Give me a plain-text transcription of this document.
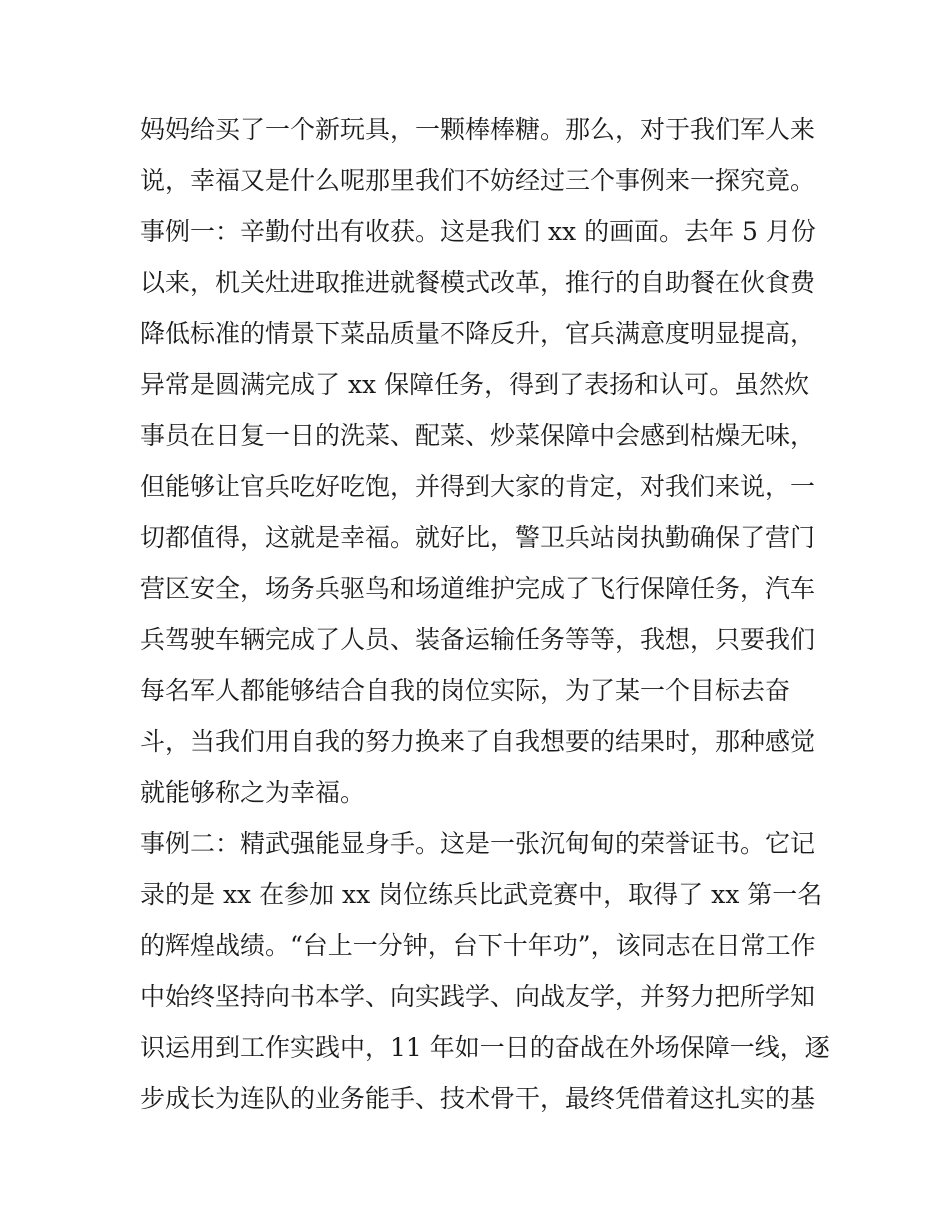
妈妈给买了一个新玩具，一颗棒棒糖。那么，对于我们军人来
说，幸福又是什么呢那里我们不妨经过三个事例来一探究竟。
事例一：辛勤付出有收获。这是我们 xx 的画面。去年 5 月份
以来，机关灶进取推进就餐模式改革，推行的自助餐在伙食费
降低标准的情景下菜品质量不降反升，官兵满意度明显提高，
异常是圆满完成了 xx 保障任务，得到了表扬和认可。虽然炊
事员在日复一日的洗菜、配菜、炒菜保障中会感到枯燥无味，
但能够让官兵吃好吃饱，并得到大家的肯定，对我们来说，一
切都值得，这就是幸福。就好比，警卫兵站岗执勤确保了营门
营区安全，场务兵驱鸟和场道维护完成了飞行保障任务，汽车
兵驾驶车辆完成了人员、装备运输任务等等，我想，只要我们
每名军人都能够结合自我的岗位实际，为了某一个目标去奋
斗，当我们用自我的努力换来了自我想要的结果时，那种感觉
就能够称之为幸福。
事例二：精武强能显身手。这是一张沉甸甸的荣誉证书。它记
录的是 xx 在参加 xx 岗位练兵比武竞赛中，取得了 xx 第一名
的辉煌战绩。“台上一分钟，台下十年功”，该同志在日常工作
中始终坚持向书本学、向实践学、向战友学，并努力把所学知
识运用到工作实践中，11 年如一日的奋战在外场保障一线，逐
步成长为连队的业务能手、技术骨干，最终凭借着这扎实的基
